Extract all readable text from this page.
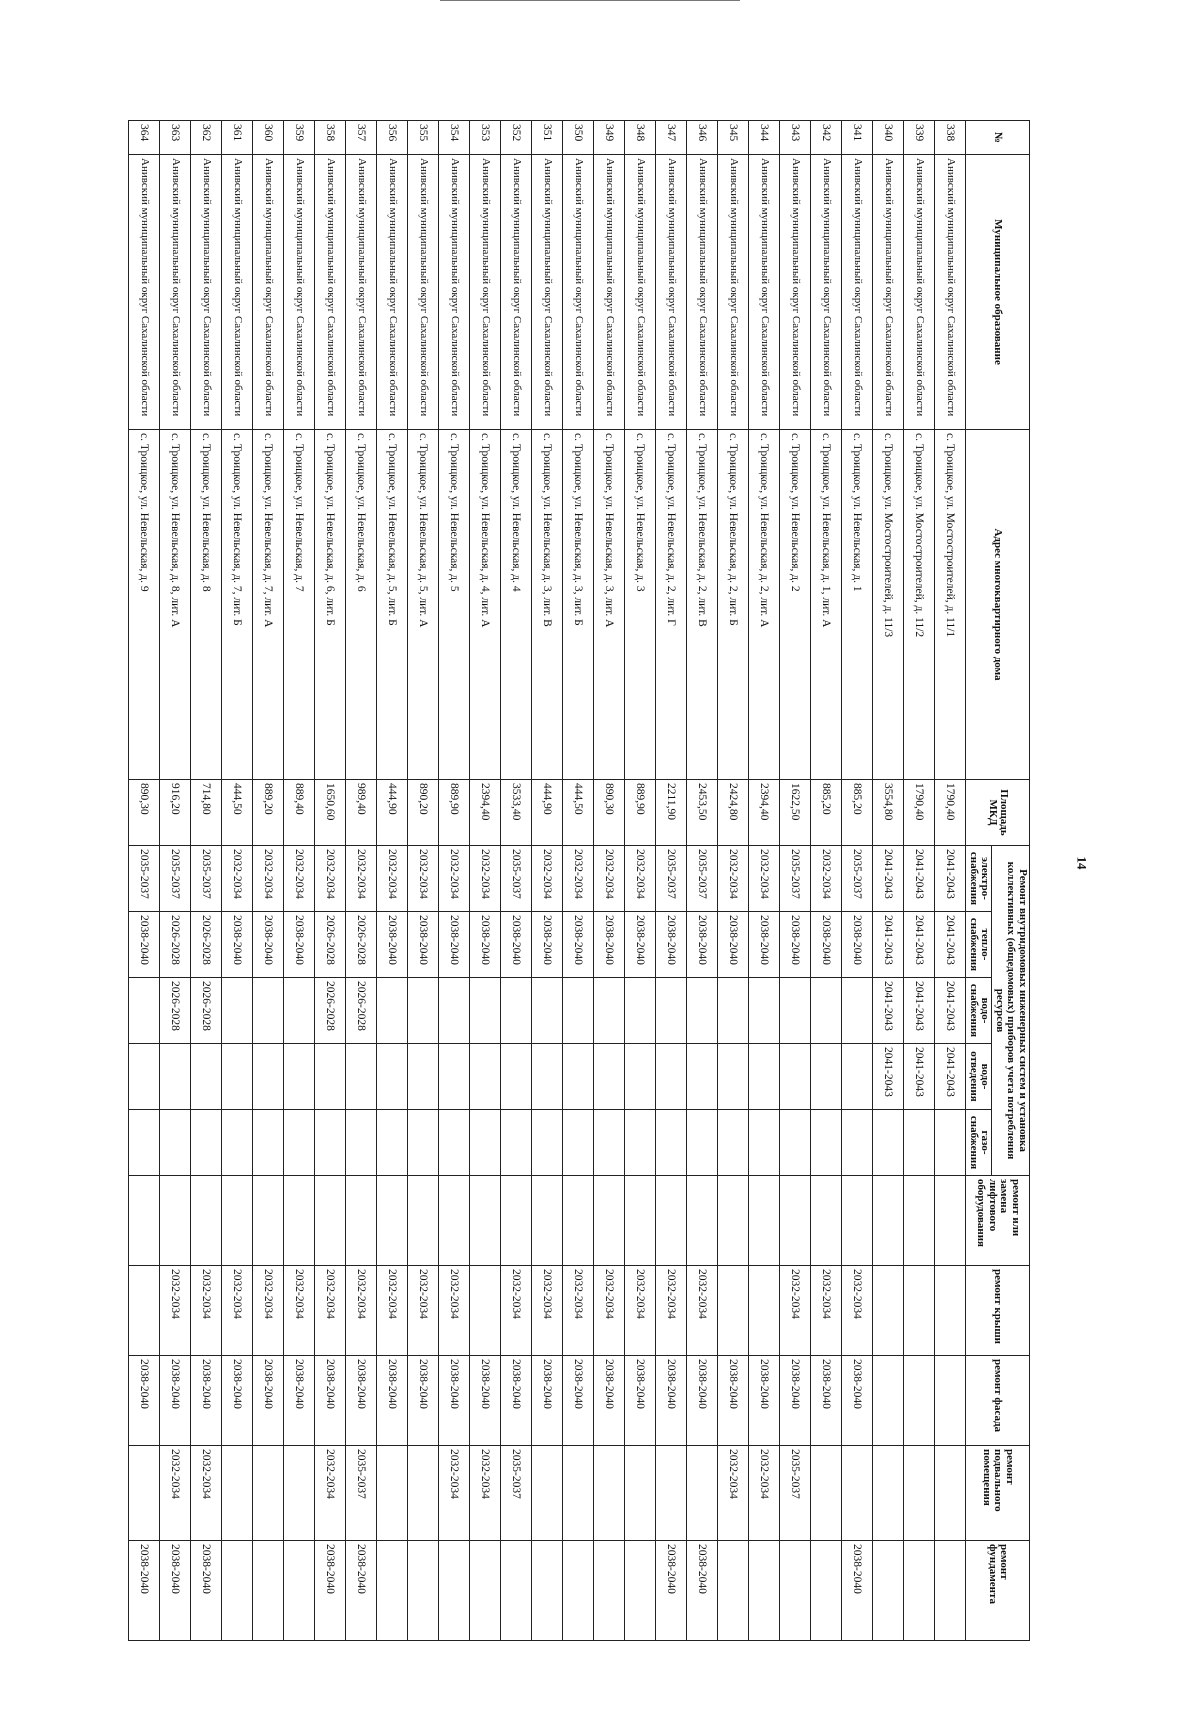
14
№	Муниципальное образование	Адрес многоквартирного дома	Площадь МКД	Ремонт внутридомовых инженерных систем и установка коллективных (общедомовых) приборов учета потребления ресурсов					ремонт или замена лифтового оборудования	ремонт крыши	ремонт фасада	ремонт подвального помещения	ремонт фундамента
				электро-снабжения	тепло-снабжения	водо-снабжения	водо-отведения	газо-снабжения					
338	Анивский муниципальный округ Сахалинской области	с. Троицкое, ул. Мостостроителей, д. 11/1	1790,40	2041-2043	2041-2043	2041-2043	2041-2043						
339	Анивский муниципальный округ Сахалинской области	с. Троицкое, ул. Мостостроителей, д. 11/2	1790,40	2041-2043	2041-2043	2041-2043	2041-2043						
340	Анивский муниципальный округ Сахалинской области	с. Троицкое, ул. Мостостроителей, д. 11/3	3554,80	2041-2043	2041-2043	2041-2043	2041-2043						
341	Анивский муниципальный округ Сахалинской области	с. Троицкое, ул. Невельская, д. 1	885,20	2035-2037	2038-2040					2032-2034	2038-2040		2038-2040
342	Анивский муниципальный округ Сахалинской области	с. Троицкое, ул. Невельская, д. 1, лит. А	885,20	2032-2034	2038-2040					2032-2034	2038-2040		
343	Анивский муниципальный округ Сахалинской области	с. Троицкое, ул. Невельская, д. 2	1622,50	2035-2037	2038-2040					2032-2034	2038-2040	2035-2037	
344	Анивский муниципальный округ Сахалинской области	с. Троицкое, ул. Невельская, д. 2, лит. А	2394,40	2032-2034	2038-2040						2038-2040	2032-2034	
345	Анивский муниципальный округ Сахалинской области	с. Троицкое, ул. Невельская, д. 2, лит. Б	2424,80	2032-2034	2038-2040						2038-2040	2032-2034	
346	Анивский муниципальный округ Сахалинской области	с. Троицкое, ул. Невельская, д. 2, лит. В	2453,50	2035-2037	2038-2040					2032-2034	2038-2040		2038-2040
347	Анивский муниципальный округ Сахалинской области	с. Троицкое, ул. Невельская, д. 2, лит. Г	2211,90	2035-2037	2038-2040					2032-2034	2038-2040		2038-2040
348	Анивский муниципальный округ Сахалинской области	с. Троицкое, ул. Невельская, д. 3	889,90	2032-2034	2038-2040					2032-2034	2038-2040		
349	Анивский муниципальный округ Сахалинской области	с. Троицкое, ул. Невельская, д. 3, лит. А	890,30	2032-2034	2038-2040					2032-2034	2038-2040		
350	Анивский муниципальный округ Сахалинской области	с. Троицкое, ул. Невельская, д. 3, лит. Б	444,50	2032-2034	2038-2040					2032-2034	2038-2040		
351	Анивский муниципальный округ Сахалинской области	с. Троицкое, ул. Невельская, д. 3, лит. В	444,90	2032-2034	2038-2040					2032-2034	2038-2040		
352	Анивский муниципальный округ Сахалинской области	с. Троицкое, ул. Невельская, д. 4	3533,40	2035-2037	2038-2040					2032-2034	2038-2040	2035-2037	
353	Анивский муниципальный округ Сахалинской области	с. Троицкое, ул. Невельская, д. 4, лит. А	2394,40	2032-2034	2038-2040						2038-2040	2032-2034	
354	Анивский муниципальный округ Сахалинской области	с. Троицкое, ул. Невельская, д. 5	889,90	2032-2034	2038-2040					2032-2034	2038-2040	2032-2034	
355	Анивский муниципальный округ Сахалинской области	с. Троицкое, ул. Невельская, д. 5, лит. А	890,20	2032-2034	2038-2040					2032-2034	2038-2040		
356	Анивский муниципальный округ Сахалинской области	с. Троицкое, ул. Невельская, д. 5, лит. Б	444,90	2032-2034	2038-2040					2032-2034	2038-2040		
357	Анивский муниципальный округ Сахалинской области	с. Троицкое, ул. Невельская, д. 6	989,40	2032-2034	2026-2028	2026-2028				2032-2034	2038-2040	2035-2037	2038-2040
358	Анивский муниципальный округ Сахалинской области	с. Троицкое, ул. Невельская, д. 6, лит. Б	1650,60	2032-2034	2026-2028	2026-2028				2032-2034	2038-2040	2032-2034	2038-2040
359	Анивский муниципальный округ Сахалинской области	с. Троицкое, ул. Невельская, д. 7	889,40	2032-2034	2038-2040					2032-2034	2038-2040		
360	Анивский муниципальный округ Сахалинской области	с. Троицкое, ул. Невельская, д. 7, лит. А	889,20	2032-2034	2038-2040					2032-2034	2038-2040		
361	Анивский муниципальный округ Сахалинской области	с. Троицкое, ул. Невельская, д. 7, лит. Б	444,50	2032-2034	2038-2040					2032-2034	2038-2040		
362	Анивский муниципальный округ Сахалинской области	с. Троицкое, ул. Невельская, д. 8	714,80	2035-2037	2026-2028	2026-2028				2032-2034	2038-2040	2032-2034	2038-2040
363	Анивский муниципальный округ Сахалинской области	с. Троицкое, ул. Невельская, д. 8, лит. А	916,20	2035-2037	2026-2028	2026-2028				2032-2034	2038-2040	2032-2034	2038-2040
364	Анивский муниципальный округ Сахалинской области	с. Троицкое, ул. Невельская, д. 9	890,30	2035-2037	2038-2040						2038-2040		2038-2040
